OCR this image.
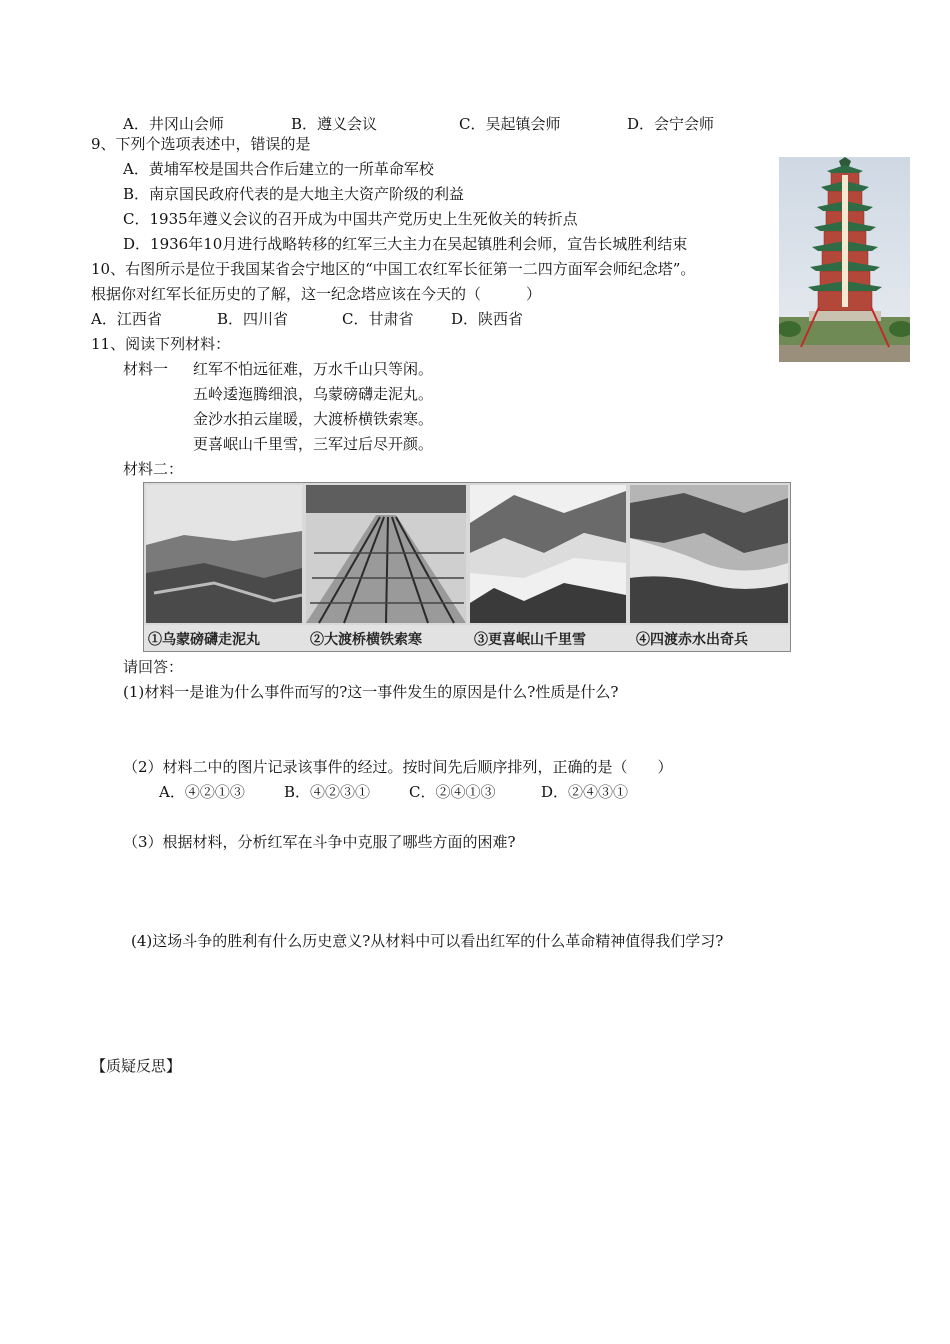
A．井冈山会师	B．遵义会议	C．吴起镇会师	D．会宁会师
9、下列个选项表述中，错误的是
A．黄埔军校是国共合作后建立的一所革命军校
B．南京国民政府代表的是大地主大资产阶级的利益
C．1935年遵义会议的召开成为中国共产党历史上生死攸关的转折点
D．1936年10月进行战略转移的红军三大主力在吴起镇胜利会师，宣告长城胜利结束
10、右图所示是位于我国某省会宁地区的“中国工农红军长征第一二四方面军会师纪念塔”。
根据你对红军长征历史的了解，这一纪念塔应该在今天的（　　　）
A．江西省	B．四川省	C．甘肃省	D．陕西省
11、阅读下列材料：
材料一 红军不怕远征难，万水千山只等闲。
五岭逶迤腾细浪，乌蒙磅礴走泥丸。
金沙水拍云崖暖，大渡桥横铁索寒。
更喜岷山千里雪，三军过后尽开颜。
材料二：
①乌蒙磅礴走泥丸	②大渡桥横铁索寒	③更喜岷山千里雪	④四渡赤水出奇兵
请回答：
(1)材料一是谁为什么事件而写的?这一事件发生的原因是什么?性质是什么?
（2）材料二中的图片记录该事件的经过。按时间先后顺序排列，正确的是（　　）
A．④②①③	B．④②③①	C．②④①③	D．②④③①
（3）根据材料，分析红军在斗争中克服了哪些方面的困难?
(4)这场斗争的胜利有什么历史意义?从材料中可以看出红军的什么革命精神值得我们学习?
【质疑反思】
